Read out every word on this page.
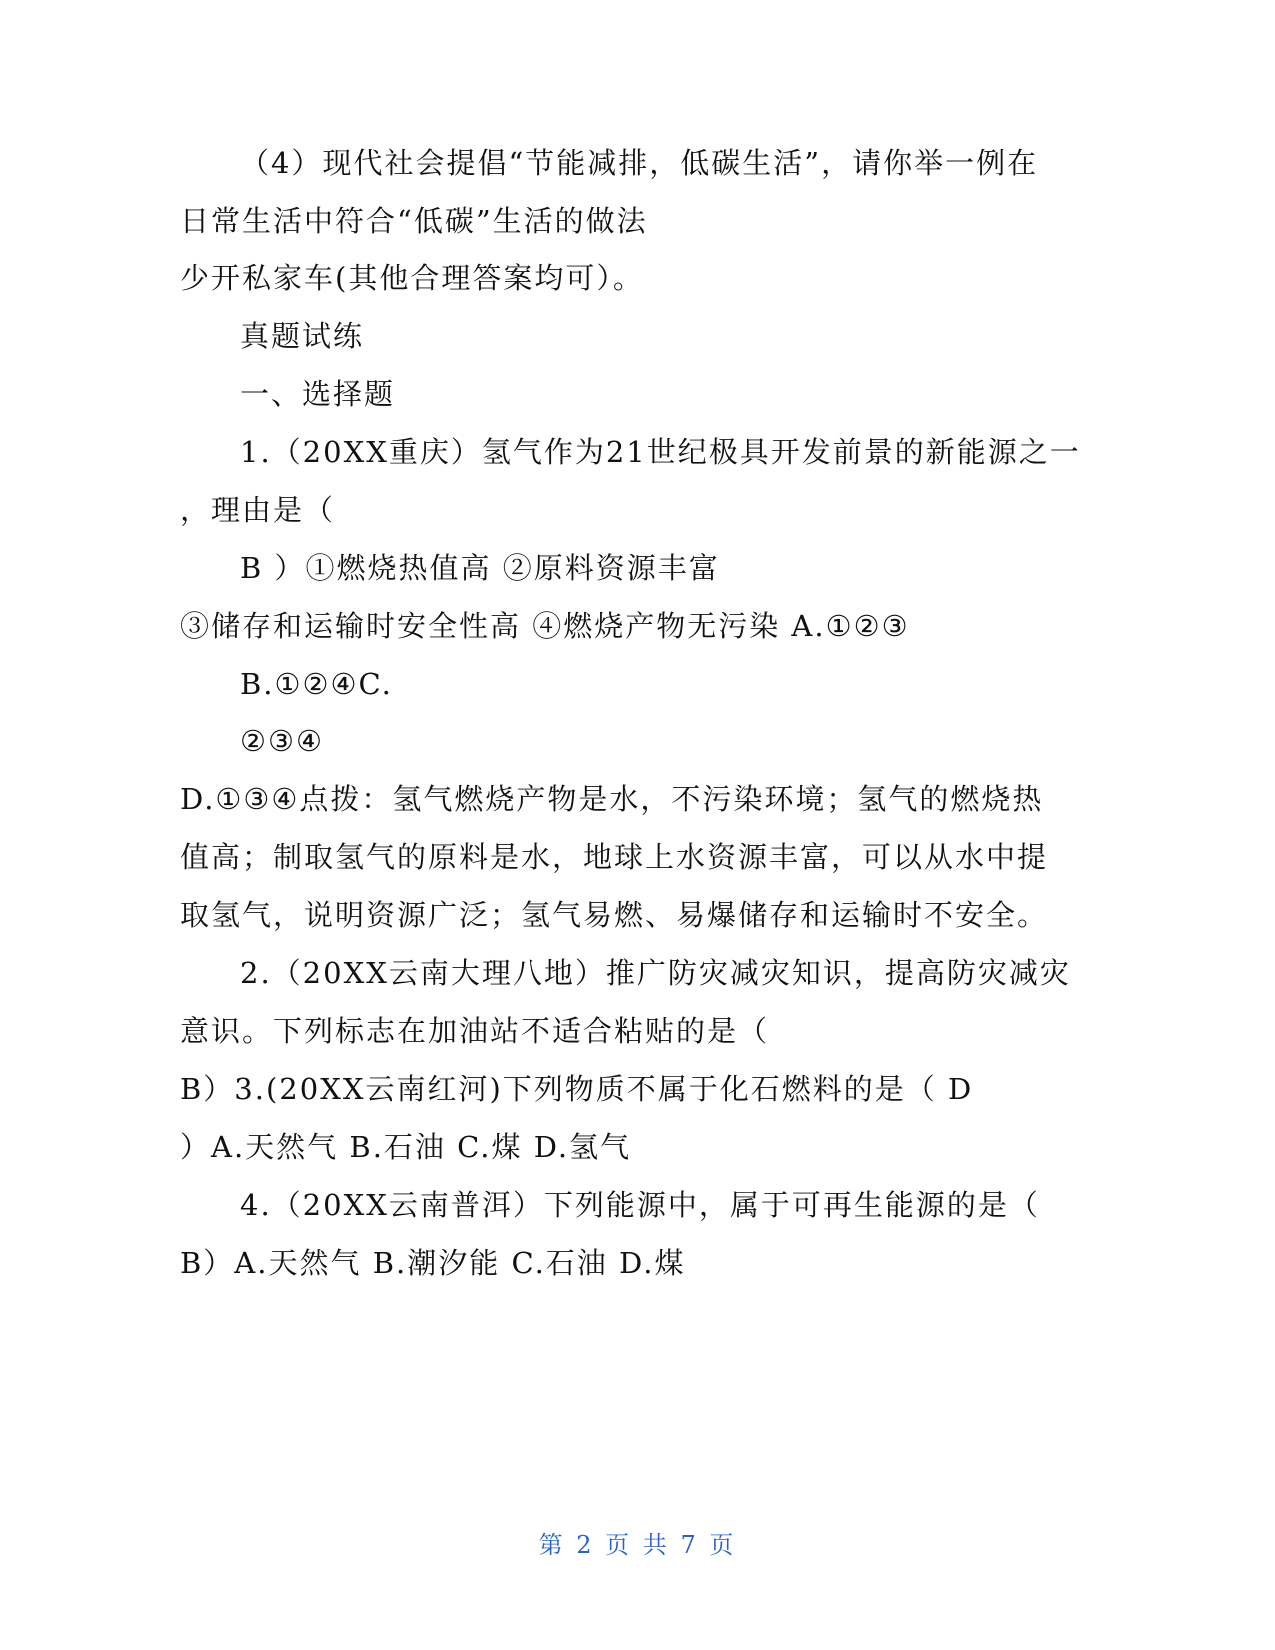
（4）现代社会提倡“节能减排，低碳生活”，请你举一例在
日常生活中符合“低碳”生活的做法
少开私家车(其他合理答案均可）。
真题试练
一、选择题
1.（20XX重庆）氢气作为21世纪极具开发前景的新能源之一
，理由是（
B ）①燃烧热值高 ②原料资源丰富
③储存和运输时安全性高 ④燃烧产物无污染 A.①②③
B.①②④C.
②③④
D.①③④点拨：氢气燃烧产物是水，不污染环境；氢气的燃烧热
值高；制取氢气的原料是水，地球上水资源丰富，可以从水中提
取氢气，说明资源广泛；氢气易燃、易爆储存和运输时不安全。
2.（20XX云南大理八地）推广防灾减灾知识，提高防灾减灾
意识。下列标志在加油站不适合粘贴的是（
B）3.(20XX云南红河)下列物质不属于化石燃料的是（ D
）A.天然气 B.石油 C.煤 D.氢气
4.（20XX云南普洱）下列能源中，属于可再生能源的是（
B）A.天然气 B.潮汐能 C.石油 D.煤
第 2 页 共 7 页
